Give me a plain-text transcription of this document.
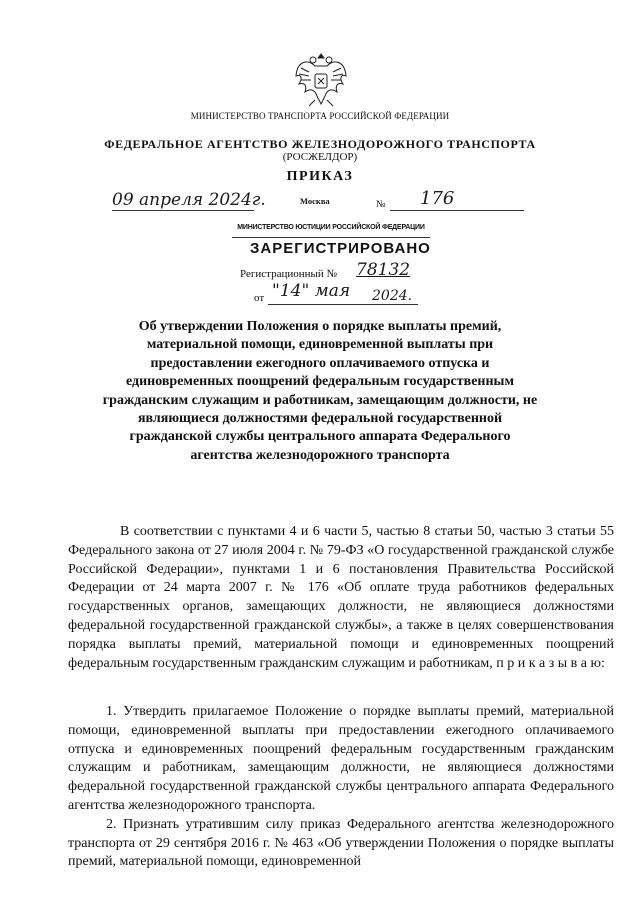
МИНИСТЕРСТВО ТРАНСПОРТА РОССИЙСКОЙ ФЕДЕРАЦИИ
ФЕДЕРАЛЬНОЕ АГЕНТСТВО ЖЕЛЕЗНОДОРОЖНОГО ТРАНСПОРТА
(РОСЖЕЛДОР)
ПРИКАЗ
09 апреля 2024г.	Москва	№ 176
МИНИСТЕРСТВО ЮСТИЦИИ РОССИЙСКОЙ ФЕДЕРАЦИИ
ЗАРЕГИСТРИРОВАНО
Регистрационный № 78132
от "14" мая 2024.
Об утверждении Положения о порядке выплаты премий, материальной помощи, единовременной выплаты при предоставлении ежегодного оплачиваемого отпуска и единовременных поощрений федеральным государственным гражданским служащим и работникам, замещающим должности, не являющиеся должностями федеральной государственной гражданской службы центрального аппарата Федерального агентства железнодорожного транспорта
В соответствии с пунктами 4 и 6 части 5, частью 8 статьи 50, частью 3 статьи 55 Федерального закона от 27 июля 2004 г. № 79-ФЗ «О государственной гражданской службе Российской Федерации», пунктами 1 и 6 постановления Правительства Российской Федерации от 24 марта 2007 г. № 176 «Об оплате труда работников федеральных государственных органов, замещающих должности, не являющиеся должностями федеральной государственной гражданской службы», а также в целях совершенствования порядка выплаты премий, материальной помощи и единовременных поощрений федеральным государственным гражданским служащим и работникам, п р и к а з ы в а ю:
1. Утвердить прилагаемое Положение о порядке выплаты премий, материальной помощи, единовременной выплаты при предоставлении ежегодного оплачиваемого отпуска и единовременных поощрений федеральным государственным гражданским служащим и работникам, замещающим должности, не являющиеся должностями федеральной государственной гражданской службы центрального аппарата Федерального агентства железнодорожного транспорта.
2. Признать утратившим силу приказ Федерального агентства железнодорожного транспорта от 29 сентября 2016 г. № 463 «Об утверждении Положения о порядке выплаты премий, материальной помощи, единовременной
